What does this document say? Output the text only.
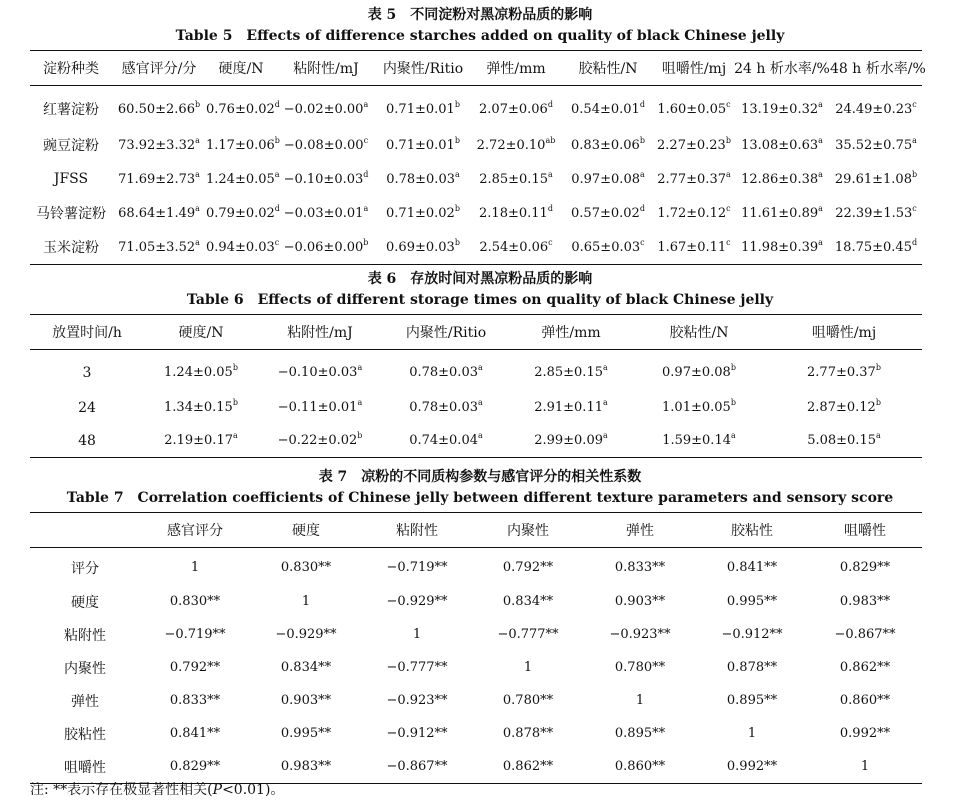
表 5　不同淀粉对黑凉粉品质的影响
Table 5　Effects of difference starches added on quality of black Chinese jelly
淀粉种类	感官评分/分	硬度/N	粘附性/mJ	内聚性/Ritio	弹性/mm	胶粘性/N	咀嚼性/mj	24 h 析水率/%	48 h 析水率/%
红薯淀粉	60.50±2.66$^b$	0.76±0.02$^d$	−0.02±0.00$^a$	0.71±0.01$^b$	2.07±0.06$^d$	0.54±0.01$^d$	1.60±0.05$^c$	13.19±0.32$^a$	24.49±0.23$^c$
豌豆淀粉	73.92±3.32$^a$	1.17±0.06$^b$	−0.08±0.00$^c$	0.71±0.01$^b$	2.72±0.10$^{ab}$	0.83±0.06$^b$	2.27±0.23$^b$	13.08±0.63$^a$	35.52±0.75$^a$
JFSS	71.69±2.73$^a$	1.24±0.05$^a$	−0.10±0.03$^d$	0.78±0.03$^a$	2.85±0.15$^a$	0.97±0.08$^a$	2.77±0.37$^a$	12.86±0.38$^a$	29.61±1.08$^b$
马铃薯淀粉	68.64±1.49$^a$	0.79±0.02$^d$	−0.03±0.01$^a$	0.71±0.02$^b$	2.18±0.11$^d$	0.57±0.02$^d$	1.72±0.12$^c$	11.61±0.89$^a$	22.39±1.53$^c$
玉米淀粉	71.05±3.52$^a$	0.94±0.03$^c$	−0.06±0.00$^b$	0.69±0.03$^b$	2.54±0.06$^c$	0.65±0.03$^c$	1.67±0.11$^c$	11.98±0.39$^a$	18.75±0.45$^d$
表 6　存放时间对黑凉粉品质的影响
Table 6　Effects of different storage times on quality of black Chinese jelly
放置时间/h	硬度/N	粘附性/mJ	内聚性/Ritio	弹性/mm	胶粘性/N	咀嚼性/mj
3	1.24±0.05$^b$	−0.10±0.03$^a$	0.78±0.03$^a$	2.85±0.15$^a$	0.97±0.08$^b$	2.77±0.37$^b$
24	1.34±0.15$^b$	−0.11±0.01$^a$	0.78±0.03$^a$	2.91±0.11$^a$	1.01±0.05$^b$	2.87±0.12$^b$
48	2.19±0.17$^a$	−0.22±0.02$^b$	0.74±0.04$^a$	2.99±0.09$^a$	1.59±0.14$^a$	5.08±0.15$^a$
表 7　凉粉的不同质构参数与感官评分的相关性系数
Table 7　Correlation coefficients of Chinese jelly between different texture parameters and sensory score
	感官评分	硬度	粘附性	内聚性	弹性	胶粘性	咀嚼性
评分	1	0.830**	−0.719**	0.792**	0.833**	0.841**	0.829**
硬度	0.830**	1	−0.929**	0.834**	0.903**	0.995**	0.983**
粘附性	−0.719**	−0.929**	1	−0.777**	−0.923**	−0.912**	−0.867**
内聚性	0.792**	0.834**	−0.777**	1	0.780**	0.878**	0.862**
弹性	0.833**	0.903**	−0.923**	0.780**	1	0.895**	0.860**
胶粘性	0.841**	0.995**	−0.912**	0.878**	0.895**	1	0.992**
咀嚼性	0.829**	0.983**	−0.867**	0.862**	0.860**	0.992**	1
注: **表示存在极显著性相关(P<0.01)。
